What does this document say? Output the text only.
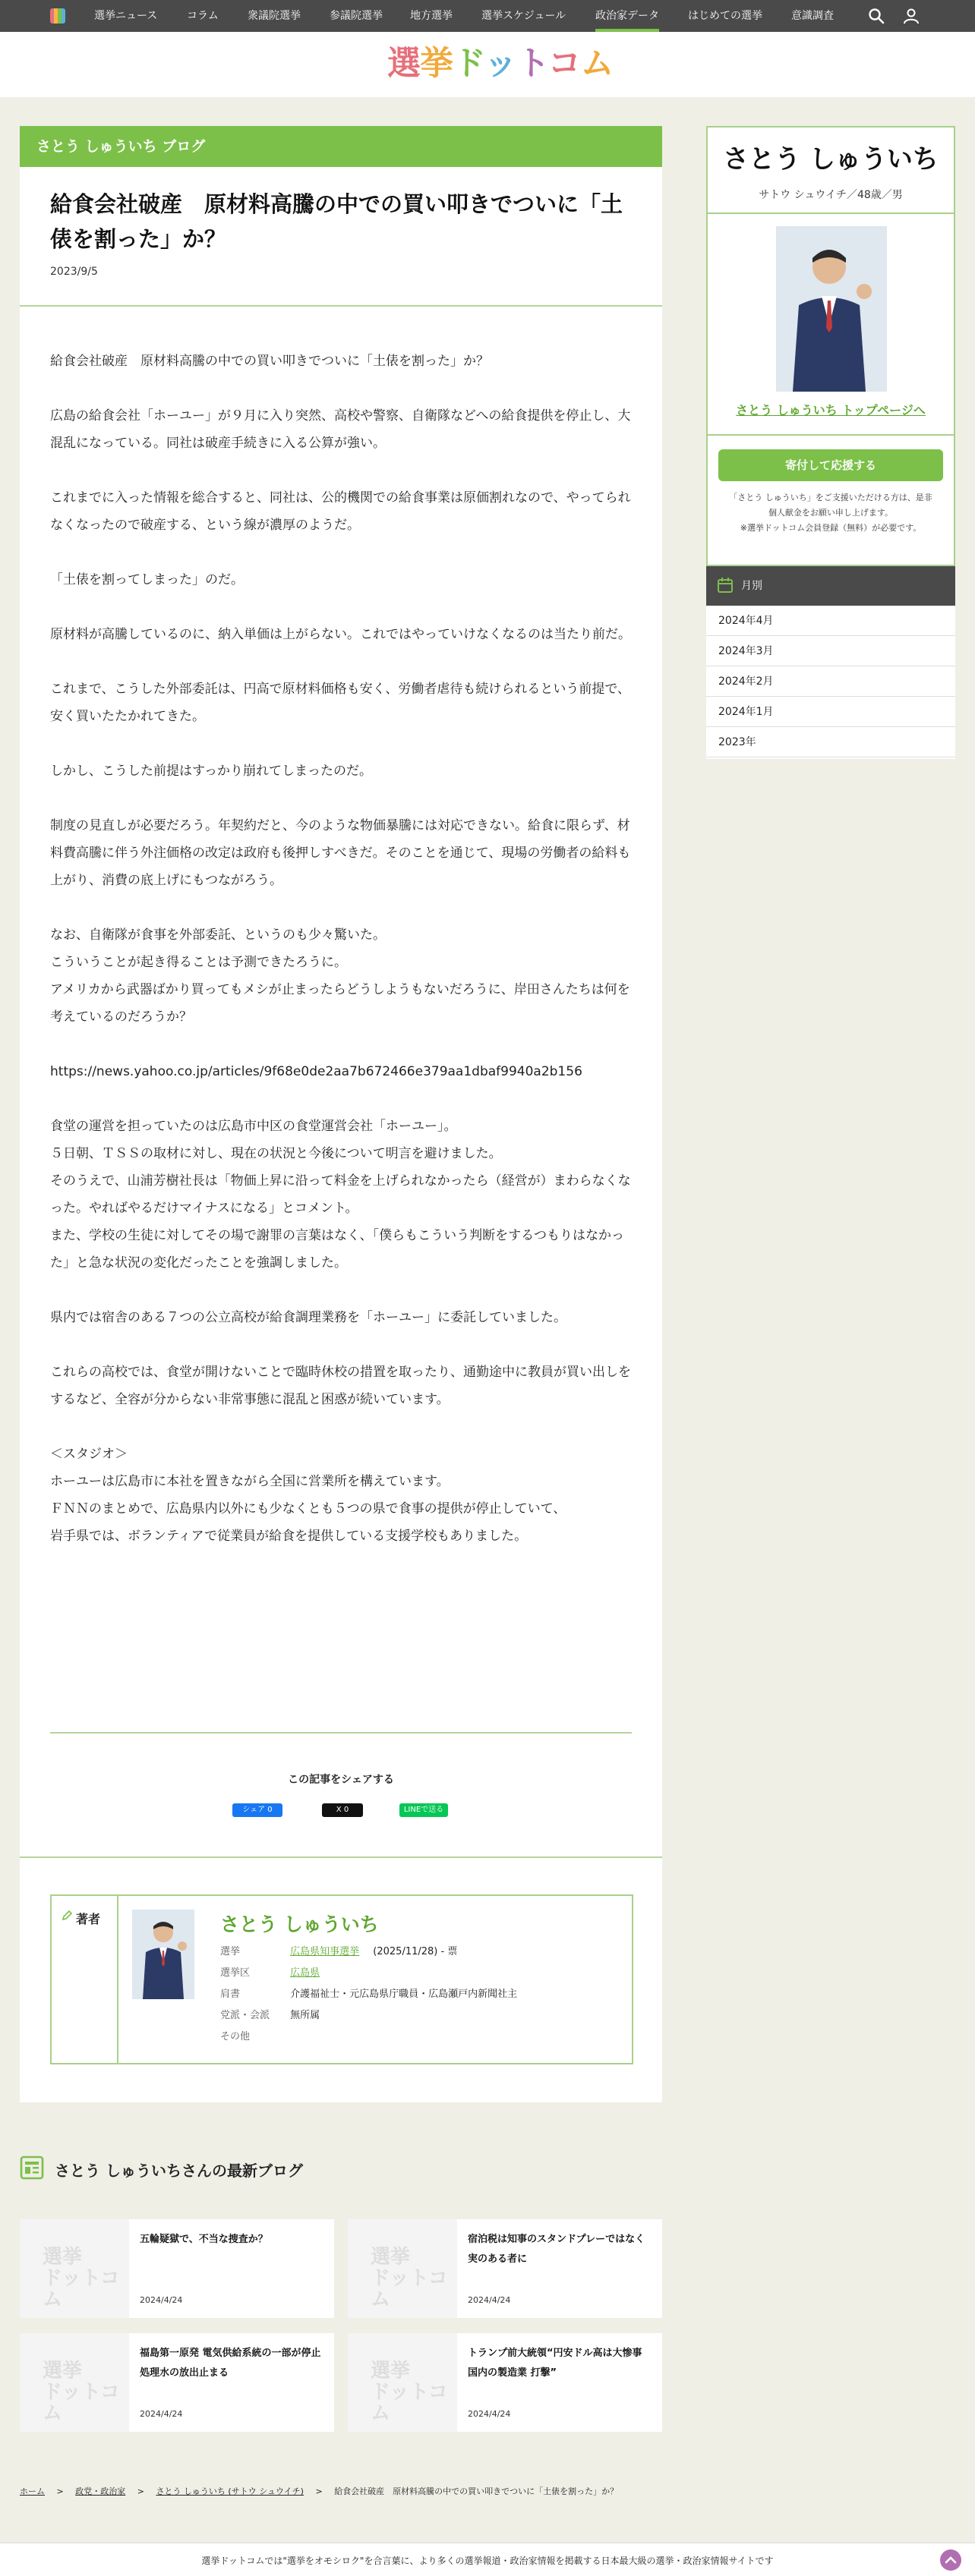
選挙ニュース	コラム	衆議院選挙	参議院選挙	地方選挙	選挙スケジュール	政治家データ	はじめての選挙	意識調査
選挙ドットコム
さとう しゅういち ブログ
給食会社破産　原材料高騰の中での買い叩きでついに「土俵を割った」か？
2023/9/5

給食会社破産　原材料高騰の中での買い叩きでついに「土俵を割った」か？

広島の給食会社「ホーユー」が９月に入り突然、高校や警察、自衛隊などへの給食提供を停止し、大混乱になっている。同社は破産手続きに入る公算が強い。

これまでに入った情報を総合すると、同社は、公的機関での給食事業は原価割れなので、やってられなくなったので破産する、という線が濃厚のようだ。

「土俵を割ってしまった」のだ。

原材料が高騰しているのに、納入単価は上がらない。これではやっていけなくなるのは当たり前だ。

これまで、こうした外部委託は、円高で原材料価格も安く、労働者虐待も続けられるという前提で、安く買いたたかれてきた。

しかし、こうした前提はすっかり崩れてしまったのだ。

制度の見直しが必要だろう。年契約だと、今のような物価暴騰には対応できない。給食に限らず、材料費高騰に伴う外注価格の改定は政府も後押しすべきだ。そのことを通じて、現場の労働者の給料も上がり、消費の底上げにもつながろう。

なお、自衛隊が食事を外部委託、というのも少々驚いた。
こういうことが起き得ることは予測できたろうに。
アメリカから武器ばかり買ってもメシが止まったらどうしようもないだろうに、岸田さんたちは何を考えているのだろうか？

https://news.yahoo.co.jp/articles/9f68e0de2aa7b672466e379aa1dbaf9940a2b156

食堂の運営を担っていたのは広島市中区の食堂運営会社「ホーユー」。
５日朝、ＴＳＳの取材に対し、現在の状況と今後について明言を避けました。
そのうえで、山浦芳樹社長は「物価上昇に沿って料金を上げられなかったら（経営が）まわらなくなった。やればやるだけマイナスになる」とコメント。
また、学校の生徒に対してその場で謝罪の言葉はなく、「僕らもこういう判断をするつもりはなかった」と急な状況の変化だったことを強調しました。

県内では宿舎のある７つの公立高校が給食調理業務を「ホーユー」に委託していました。

これらの高校では、食堂が開けないことで臨時休校の措置を取ったり、通勤途中に教員が買い出しをするなど、全容が分からない非常事態に混乱と困惑が続いています。

＜スタジオ＞
ホーユーは広島市に本社を置きながら全国に営業所を構えています。
ＦＮＮのまとめで、広島県内以外にも少なくとも５つの県で食事の提供が停止していて、
岩手県では、ボランティアで従業員が給食を提供している支援学校もありました。

この記事をシェアする
シェア 0	X 0	LINEで送る
著者	さとう しゅういち
選挙	広島県知事選挙 (2025/11/28) - 票
選挙区	広島県
肩書	介護福祉士・元広島県庁職員・広島瀬戸内新聞社主
党派・会派 無所属
その他
さとう しゅういち
サトウ シュウイチ／48歳／男
さとう しゅういち トップページへ
寄付して応援する
「さとう しゅういち」をご支援いただける方は、是非
個人献金をお願い申し上げます。
※選挙ドットコム会員登録（無料）が必要です。
月別
2024年4月
2024年3月
2024年2月
2024年1月
2023年
さとう しゅういちさんの最新ブログ
選挙
ドットコム
五輪疑獄で、不当な捜査か？
2024/4/24
選挙
ドットコム
宿泊税は知事のスタンドプレーではなく実のある者に
2024/4/24
選挙
ドットコム
福島第一原発 電気供給系統の一部が停止 処理水の放出止まる
2024/4/24
選挙
ドットコム
トランプ前大統領“円安ドル高は大惨事 国内の製造業 打撃”
2024/4/24
ホーム > 政党・政治家 > さとう しゅういち (サトウ シュウイチ) > 給食会社破産　原材料高騰の中での買い叩きでついに「土俵を割った」か？
選挙ドットコムでは"選挙をオモシロク"を合言葉に、より多くの選挙報道・政治家情報を掲載する日本最大級の選挙・政治家情報サイトです
